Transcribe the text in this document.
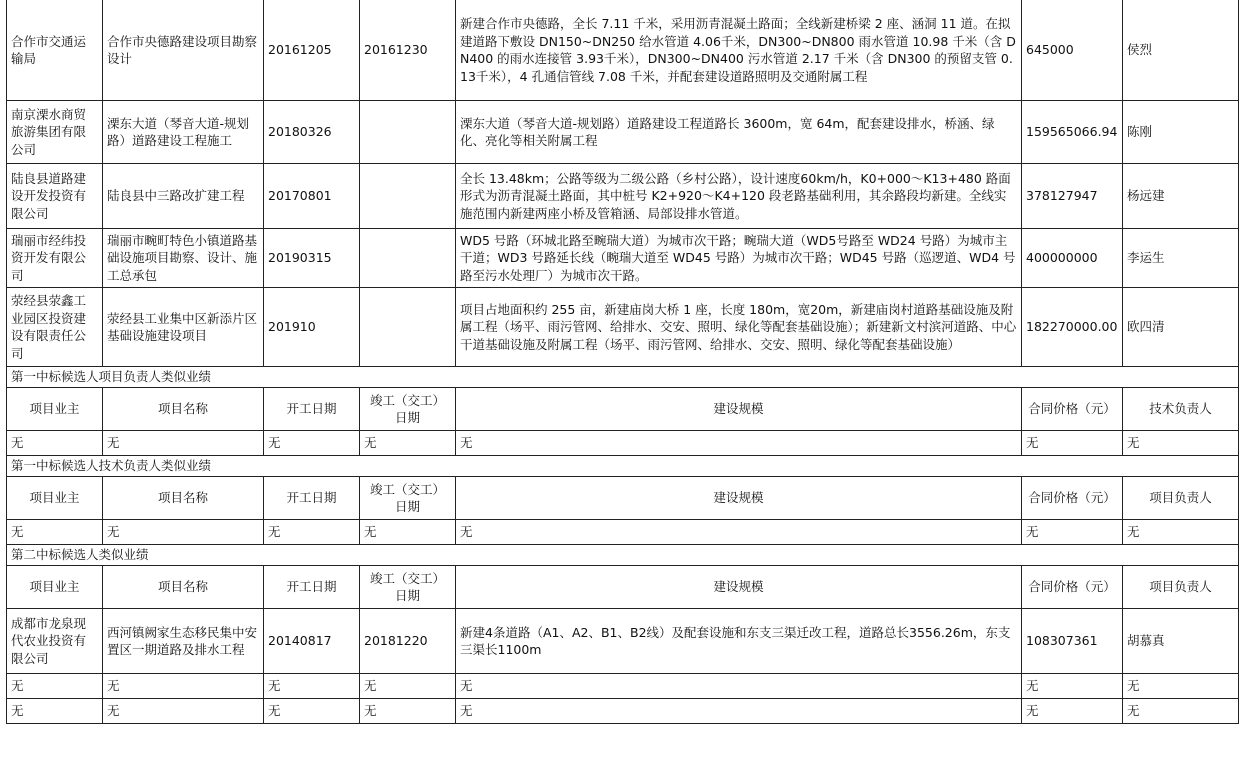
合作市交通运输局	合作市央德路建设项目勘察设计	20161205	20161230	新建合作市央德路，全长 7.11 千米，采用沥青混凝土路面；全线新建桥梁 2 座、涵洞 11 道。在拟建道路下敷设 DN150~DN250 给水管道 4.06千米，DN300~DN800 雨水管道 10.98 千米（含 DN400 的雨水连接管 3.93千米），DN300~DN400 污水管道 2.17 千米（含 DN300 的预留支管 0.13千米），4 孔通信管线 7.08 千米，并配套建设道路照明及交通附属工程	645000	侯烈
南京溧水商贸旅游集团有限公司	溧东大道（琴音大道-规划路）道路建设工程施工	20180326		溧东大道（琴音大道-规划路）道路建设工程道路长 3600m，宽 64m，配套建设排水，桥涵、绿化、亮化等相关附属工程	159565066.94	陈刚
陆良县道路建设开发投资有限公司	陆良县中三路改扩建工程	20170801		全长 13.48km；公路等级为二级公路（乡村公路），设计速度60km/h，K0+000～K13+480 路面形式为沥青混凝土路面，其中桩号 K2+920～K4+120 段老路基础利用，其余路段均新建。全线实施范围内新建两座小桥及管箱涵、局部设排水管道。	378127947	杨远建
瑞丽市经纬投资开发有限公司	瑞丽市畹町特色小镇道路基础设施项目勘察、设计、施工总承包	20190315		WD5 号路（环城北路至畹瑞大道）为城市次干路；畹瑞大道（WD5号路至 WD24 号路）为城市主干道；WD3 号路延长线（畹瑞大道至 WD45 号路）为城市次干路；WD45 号路（巡逻道、WD4 号路至污水处理厂）为城市次干路。	400000000	李运生
荥经县荥鑫工业园区投资建设有限责任公司	荥经县工业集中区新添片区基础设施建设项目	201910		项目占地面积约 255 亩，新建庙岗大桥 1 座，长度 180m，宽20m，新建庙岗村道路基础设施及附属工程（场平、雨污管网、给排水、交安、照明、绿化等配套基础设施）；新建新文村滨河道路、中心干道基础设施及附属工程（场平、雨污管网、给排水、交安、照明、绿化等配套基础设施）	182270000.00	欧四清
第一中标候选人项目负责人类似业绩						
项目业主	项目名称	开工日期	竣工（交工）日期	建设规模	合同价格（元）	技术负责人
无	无	无	无	无	无	无
第一中标候选人技术负责人类似业绩						
项目业主	项目名称	开工日期	竣工（交工）日期	建设规模	合同价格（元）	项目负责人
无	无	无	无	无	无	无
第二中标候选人类似业绩						
项目业主	项目名称	开工日期	竣工（交工）日期	建设规模	合同价格（元）	项目负责人
成都市龙泉现代农业投资有限公司	西河镇阙家生态移民集中安置区一期道路及排水工程	20140817	20181220	新建4条道路（A1、A2、B1、B2线）及配套设施和东支三渠迁改工程，道路总长3556.26m，东支三渠长1100m	108307361	胡慕真
无	无	无	无	无	无	无
无	无	无	无	无	无	无
